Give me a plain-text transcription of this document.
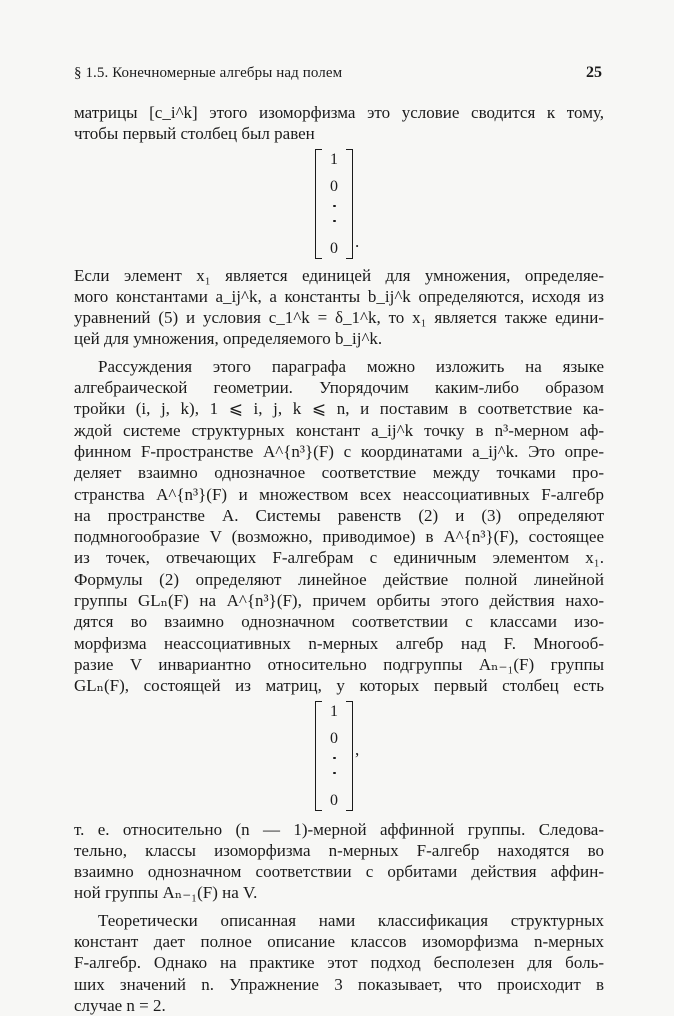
§ 1.5. Конечномерные алгебры над полем	25
матрицы [c_i^k] этого изоморфизма это условие сводится к тому,
чтобы первый столбец был равен
1
0
0	.
Если элемент x₁ является единицей для умножения, определяе-
мого константами a_ij^k, а константы b_ij^k определяются, исходя из
уравнений (5) и условия c_1^k = δ_1^k, то x₁ является также едини-
цей для умножения, определяемого b_ij^k.
Рассуждения этого параграфа можно изложить на языке
алгебраической геометрии. Упорядочим каким-либо образом
тройки (i, j, k), 1 ⩽ i, j, k ⩽ n, и поставим в соответствие ка-
ждой системе структурных констант a_ij^k точку в n³-мерном аф-
финном F-пространстве A^{n³}(F) с координатами a_ij^k. Это опре-
деляет взаимно однозначное соответствие между точками про-
странства A^{n³}(F) и множеством всех неассоциативных F-алгебр
на пространстве A. Системы равенств (2) и (3) определяют
подмногообразие V (возможно, приводимое) в A^{n³}(F), состоящее
из точек, отвечающих F-алгебрам с единичным элементом x₁.
Формулы (2) определяют линейное действие полной линейной
группы GLₙ(F) на A^{n³}(F), причем орбиты этого действия нахо-
дятся во взаимно однозначном соответствии с классами изо-
морфизма неассоциативных n-мерных алгебр над F. Многооб-
разие V инвариантно относительно подгруппы Aₙ₋₁(F) группы
GLₙ(F), состоящей из матриц, у которых первый столбец есть
1
0
0
,
т. е. относительно (n — 1)-мерной аффинной группы. Следова-
тельно, классы изоморфизма n-мерных F-алгебр находятся во
взаимно однозначном соответствии с орбитами действия аффин-
ной группы Aₙ₋₁(F) на V.
Теоретически описанная нами классификация структурных
констант дает полное описание классов изоморфизма n-мерных
F-алгебр. Однако на практике этот подход бесполезен для боль-
ших значений n. Упражнение 3 показывает, что происходит в
случае n = 2.
